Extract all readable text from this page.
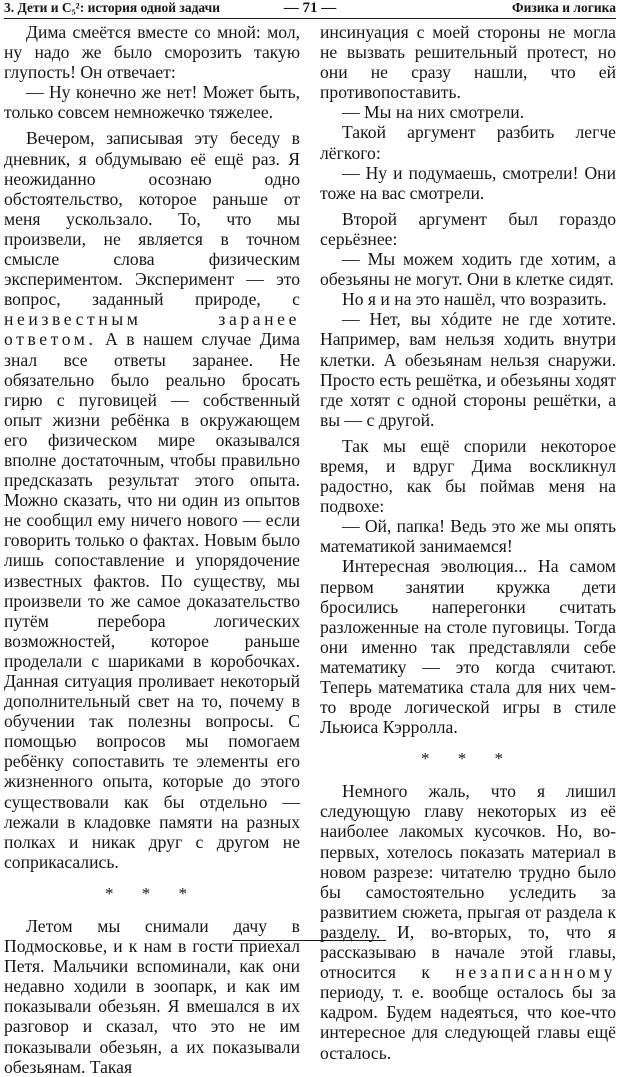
3. Дети и C₅²: история одной задачи	— 71 —	Физика и логика

Дима смеётся вместе со мной: мол, ну надо же было сморозить такую глупость! Он отвечает:

— Ну конечно же нет! Может быть, только совсем немножечко тяжелее.

Вечером, записывая эту беседу в дневник, я обдумываю её ещё раз. Я неожиданно осознаю одно обстоятельство, которое раньше от меня ускользало. То, что мы произвели, не является в точном смысле слова физическим экспериментом. Эксперимент — это вопрос, заданный природе, с неизвестным заранее ответом. А в нашем случае Дима знал все ответы заранее. Не обязательно было реально бросать гирю с пуговицей — собственный опыт жизни ребёнка в окружающем его физическом мире оказывался вполне достаточным, чтобы правильно предсказать результат этого опыта. Можно сказать, что ни один из опытов не сообщил ему ничего нового — если говорить только о фактах. Новым было лишь сопоставление и упорядочение известных фактов. По существу, мы произвели то же самое доказательство путём перебора логических возможностей, которое раньше проделали с шариками в коробочках. Данная ситуация проливает некоторый дополнительный свет на то, почему в обучении так полезны вопросы. С помощью вопросов мы помогаем ребёнку сопоставить те элементы его жизненного опыта, которые до этого существовали как бы отдельно — лежали в кладовке памяти на разных полках и никак друг с другом не соприкасались.

* * *

Летом мы снимали дачу в Подмосковье, и к нам в гости приехал Петя. Мальчики вспоминали, как они недавно ходили в зоопарк, и как им показывали обезьян. Я вмешался в их разговор и сказал, что это не им показывали обезьян, а их показывали обезьянам. Такая

инсинуация с моей стороны не могла не вызвать решительный протест, но они не сразу нашли, что ей противопоставить.

— Мы на них смотрели.

Такой аргумент разбить легче лёгкого:

— Ну и подумаешь, смотрели! Они тоже на вас смотрели.

Второй аргумент был гораздо серьёзнее:

— Мы можем ходить где хотим, а обезьяны не могут. Они в клетке сидят.

Но я и на это нашёл, что возразить.

— Нет, вы хóдите не где хотите. Например, вам нельзя ходить внутри клетки. А обезьянам нельзя снаружи. Просто есть решётка, и обезьяны ходят где хотят с одной стороны решётки, а вы — с другой.

Так мы ещё спорили некоторое время, и вдруг Дима воскликнул радостно, как бы поймав меня на подвохе:

— Ой, папка! Ведь это же мы опять математикой занимаемся!

Интересная эволюция... На самом первом занятии кружка дети бросились наперегонки считать разложенные на столе пуговицы. Тогда они именно так представляли себе математику — это когда считают. Теперь математика стала для них чем-то вроде логической игры в стиле Льюиса Кэрролла.

* * *

Немного жаль, что я лишил следующую главу некоторых из её наиболее лакомых кусочков. Но, во-первых, хотелось показать материал в новом разрезе: читателю трудно было бы самостоятельно уследить за развитием сюжета, прыгая от раздела к разделу. И, во-вторых, то, что я рассказываю в начале этой главы, относится к незаписанному периоду, т. е. вообще осталось бы за кадром. Будем надеяться, что кое-что интересное для следующей главы ещё осталось.
